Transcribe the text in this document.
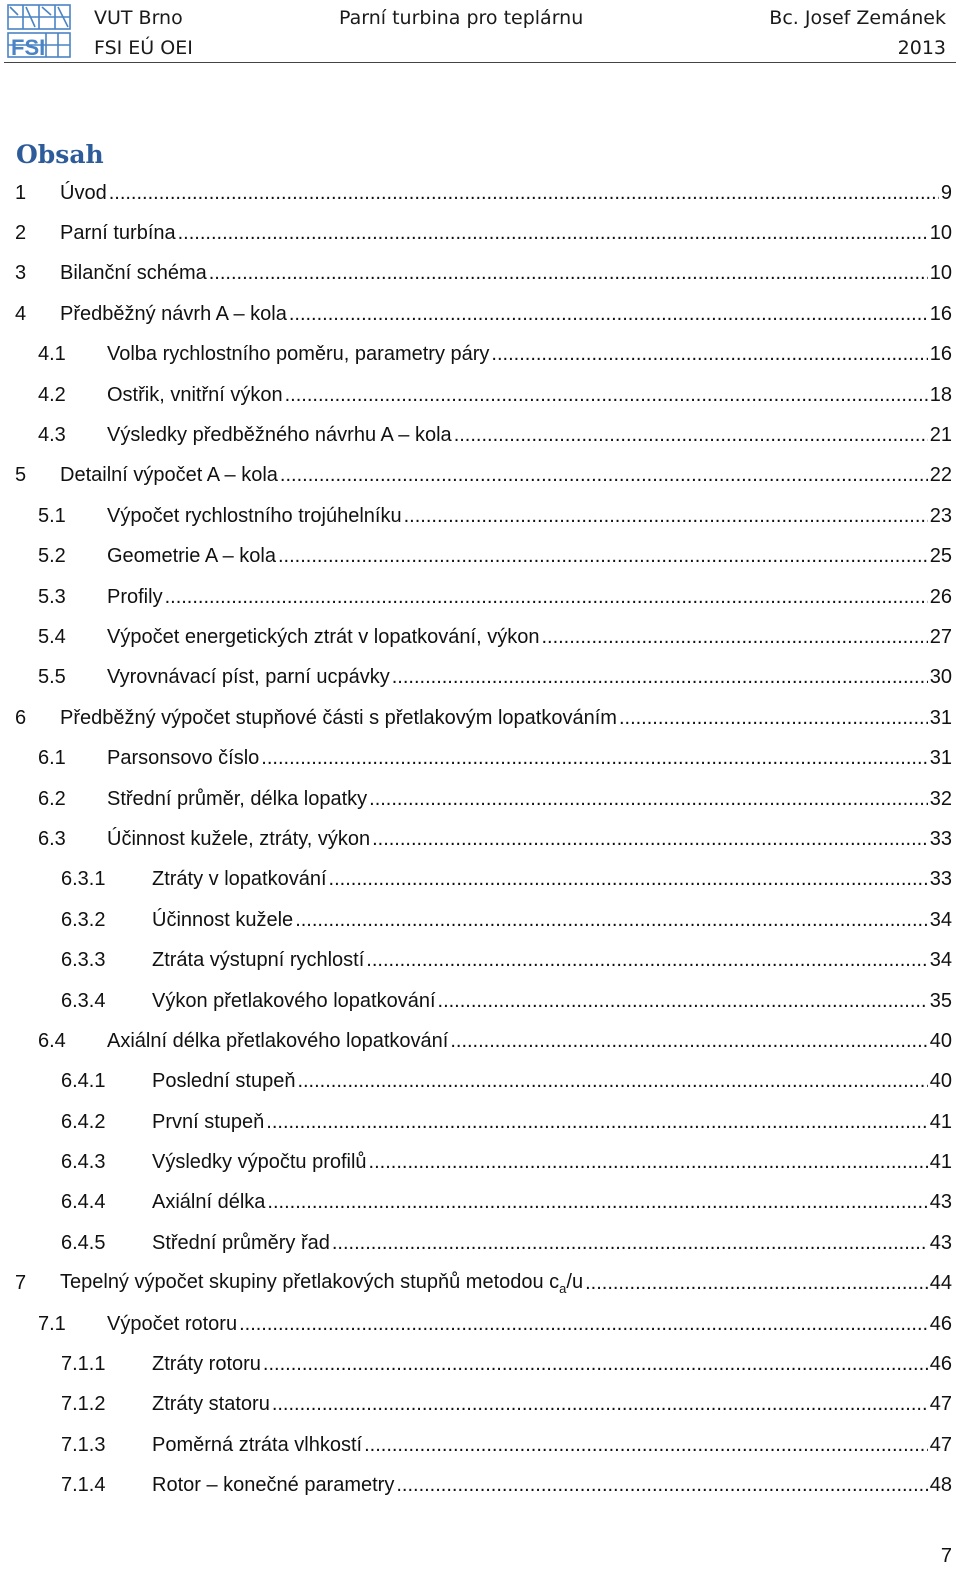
FSI
VUT Brno
FSI EÚ OEI
Parní turbina pro teplárnu	Bc. Josef Zemánek
2013
Obsah
1	Úvod .....	9
2	Parní turbína .....	10
3	Bilanční schéma .....	10
4	Předběžný návrh A – kola .....	16
4.1	Volba rychlostního poměru, parametry páry .....	16
4.2	Ostřik, vnitřní výkon .....	18
4.3	Výsledky předběžného návrhu A – kola .....	21
5	Detailní výpočet A – kola .....	22
5.1	Výpočet rychlostního trojúhelníku .....	23
5.2	Geometrie A – kola .....	25
5.3	Profily .....	26
5.4	Výpočet energetických ztrát v lopatkování, výkon .....	27
5.5	Vyrovnávací píst, parní ucpávky .....	30
6	Předběžný výpočet stupňové části s přetlakovým lopatkováním .....	31
6.1	Parsonsovo číslo .....	31
6.2	Střední průměr, délka lopatky .....	32
6.3	Účinnost kužele, ztráty, výkon .....	33
6.3.1	Ztráty v lopatkování .....	33
6.3.2	Účinnost kužele .....	34
6.3.3	Ztráta výstupní rychlostí .....	34
6.3.4	Výkon přetlakového lopatkování .....	35
6.4	Axiální délka přetlakového lopatkování .....	40
6.4.1	Poslední stupeň .....	40
6.4.2	První stupeň .....	41
6.4.3	Výsledky výpočtu profilů .....	41
6.4.4	Axiální délka .....	43
6.4.5	Střední průměry řad .....	43
7	Tepelný výpočet skupiny přetlakových stupňů metodou $c_a/u$ .....	44
7.1	Výpočet rotoru .....	46
7.1.1	Ztráty rotoru .....	46
7.1.2	Ztráty statoru .....	47
7.1.3	Poměrná ztráta vlhkostí .....	47
7.1.4	Rotor – konečné parametry .....	48
7
